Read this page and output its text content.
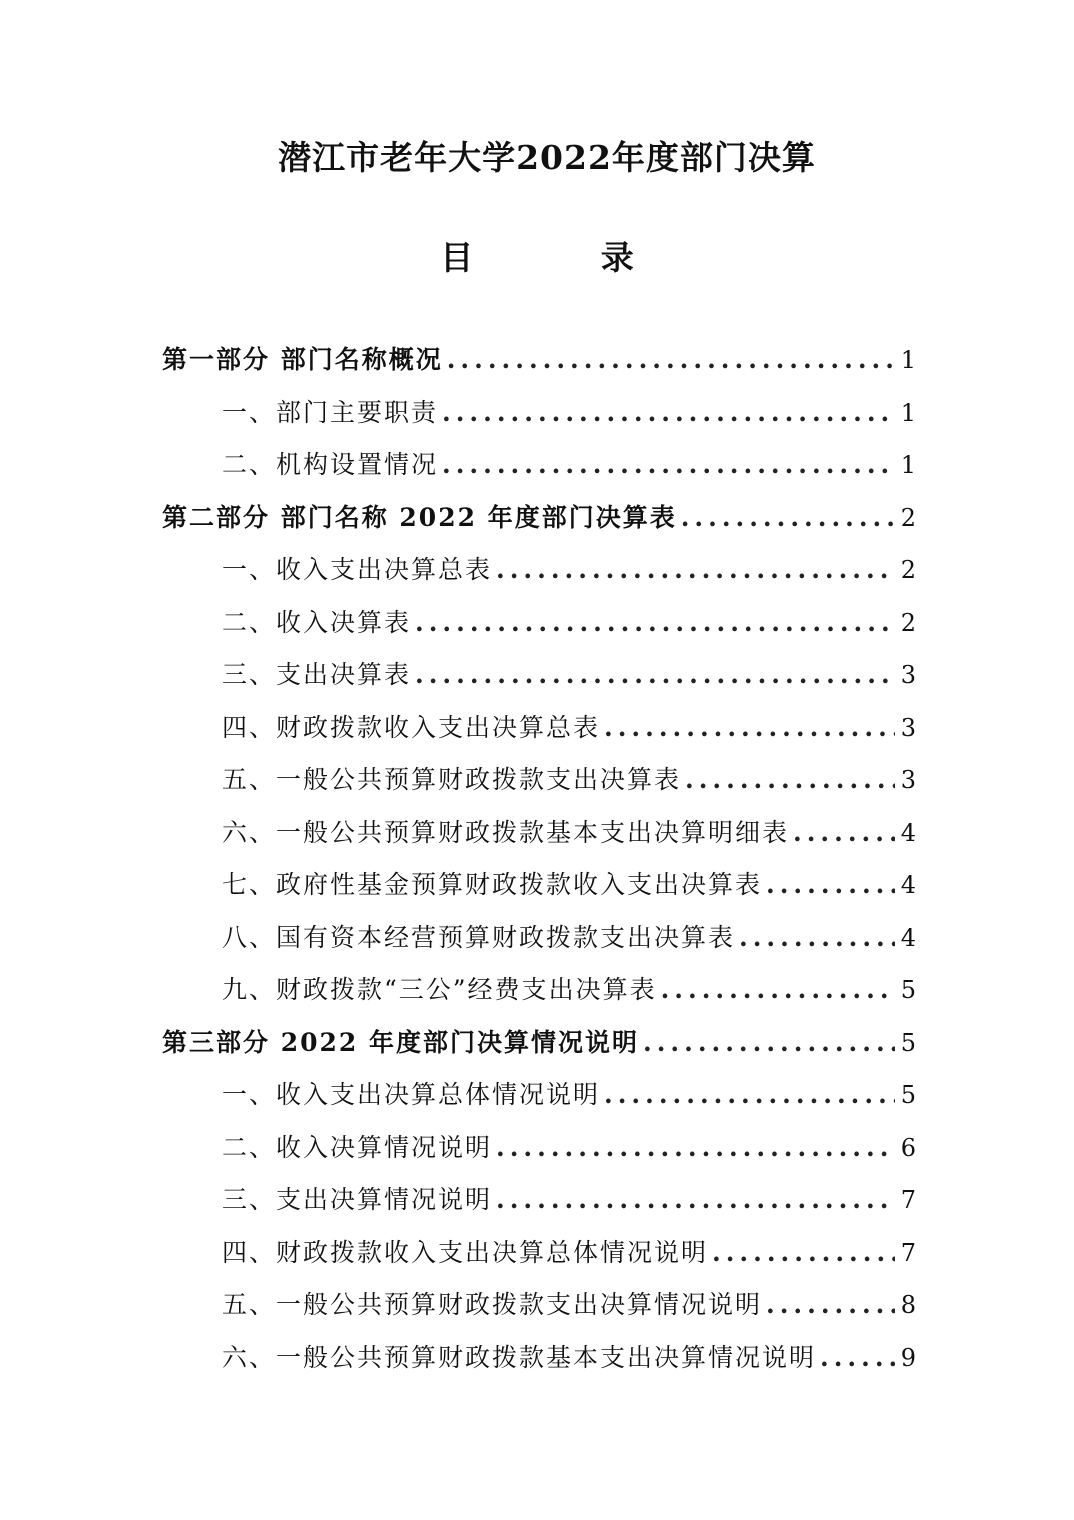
潜江市老年大学2022年度部门决算
目 录
第一部分 部门名称概况 .....	1
一、部门主要职责 .....	1
二、机构设置情况 .....	1
第二部分 部门名称 2022 年度部门决算表 .....	2
一、收入支出决算总表 .....	2
二、收入决算表 .....	2
三、支出决算表 .....	3
四、财政拨款收入支出决算总表 .....	3
五、一般公共预算财政拨款支出决算表 .....	3
六、一般公共预算财政拨款基本支出决算明细表 .....	4
七、政府性基金预算财政拨款收入支出决算表 .....	4
八、国有资本经营预算财政拨款支出决算表 .....	4
九、财政拨款“三公”经费支出决算表 .....	5
第三部分 2022 年度部门决算情况说明 .....	5
一、收入支出决算总体情况说明 .....	5
二、收入决算情况说明 .....	6
三、支出决算情况说明 .....	7
四、财政拨款收入支出决算总体情况说明 .....	7
五、一般公共预算财政拨款支出决算情况说明 .....	8
六、一般公共预算财政拨款基本支出决算情况说明 .....	9
